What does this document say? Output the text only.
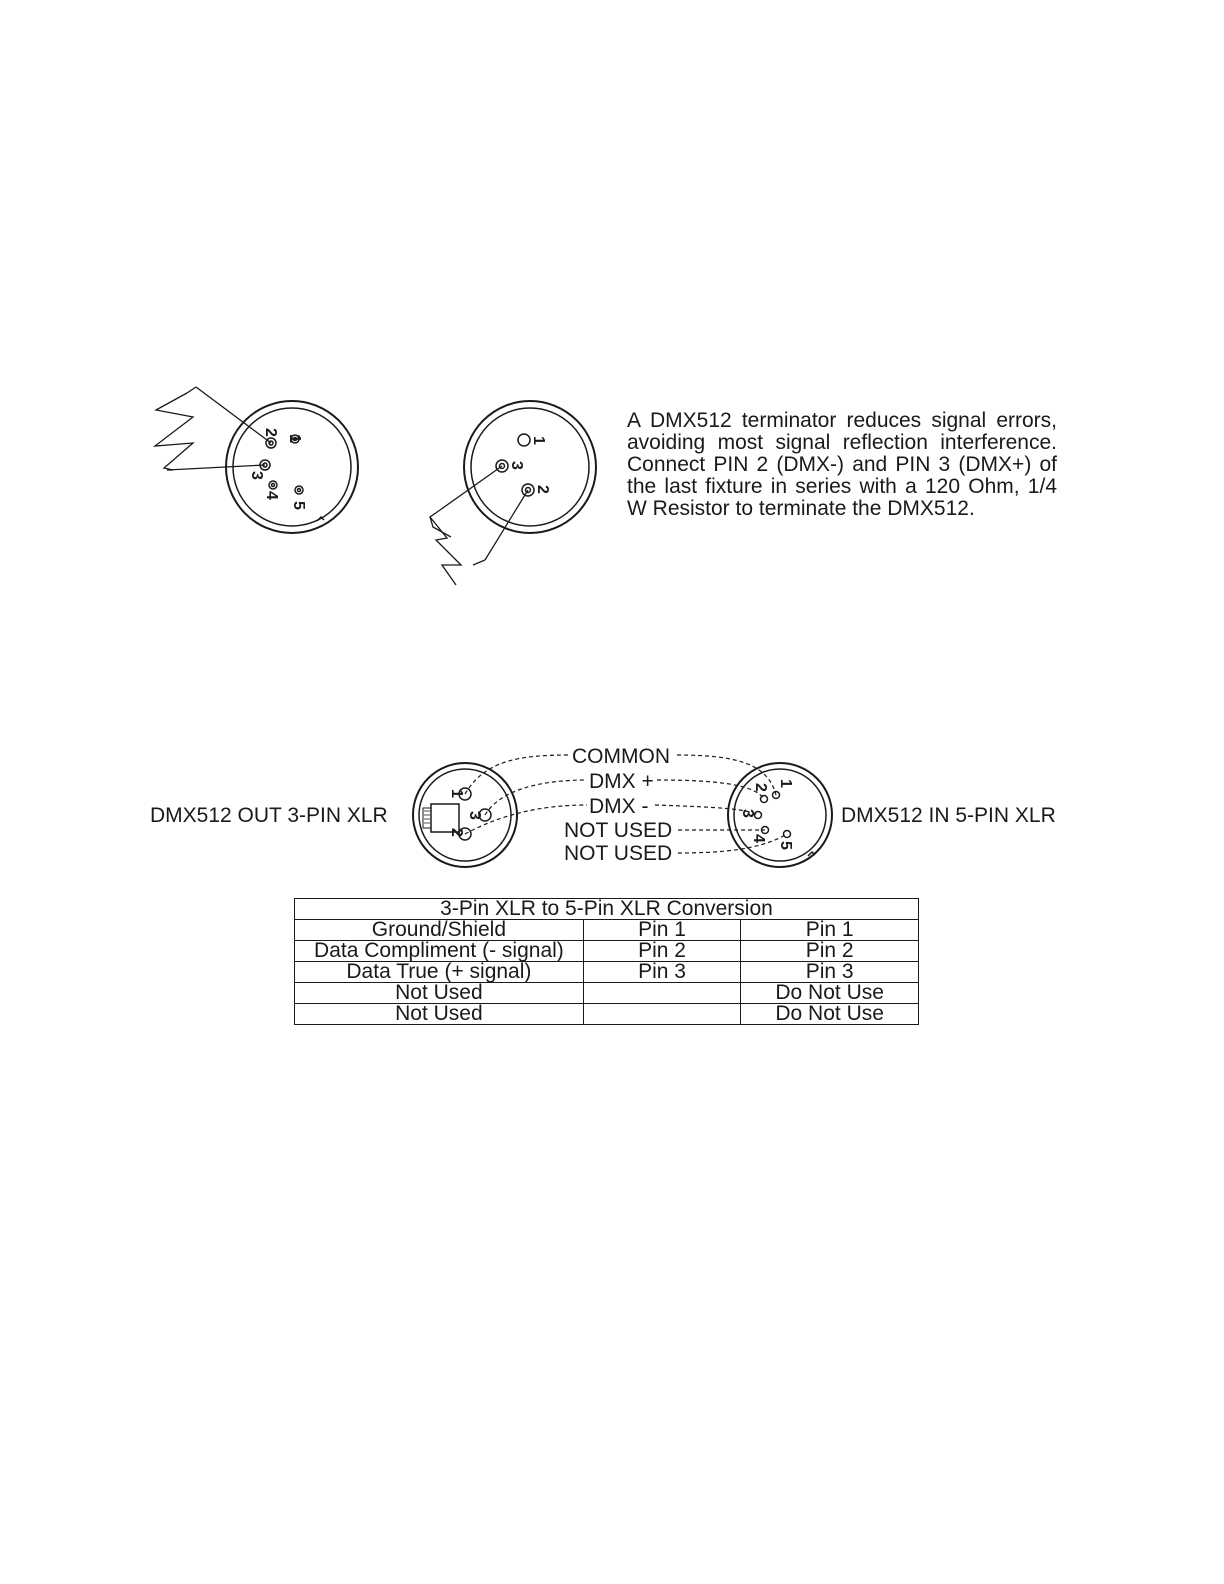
1
2
3
4
5
1
3
2

A DMX512 terminator reduces signal errors, avoiding most signal reflection interference. Connect PIN 2 (DMX-) and PIN 3 (DMX+) of the last fixture in series with a 120 Ohm, 1/4 W Resistor to terminate the DMX512.

DMX512 OUT 3-PIN XLR	DMX512 IN 5-PIN XLR
1
3
2
1
2
3
4
5
COMMON
DMX +
DMX -
NOT USED
NOT USED
3-Pin XLR to 5-Pin XLR Conversion		
Ground/Shield	Pin 1	Pin 1
Data Compliment (- signal)	Pin 2	Pin 2
Data True (+ signal)	Pin 3	Pin 3
Not Used		Do Not Use
Not Used		Do Not Use
